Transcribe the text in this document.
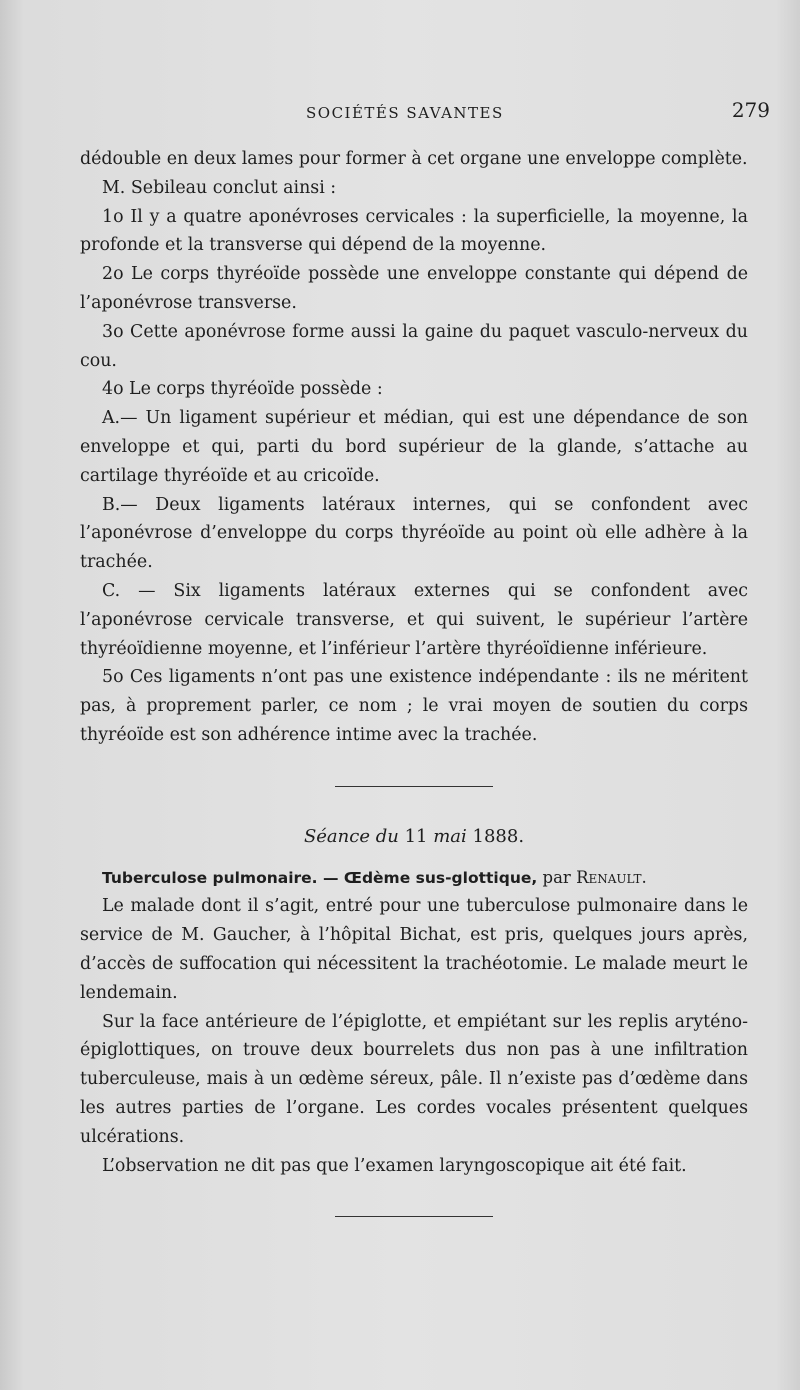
SOCIÉTÉS SAVANTES	279

dédouble en deux lames pour former à cet organe une enveloppe complète.

M. Sebileau conclut ainsi :

1o Il y a quatre aponévroses cervicales : la superficielle, la moyenne, la profonde et la transverse qui dépend de la moyenne.

2o Le corps thyréoïde possède une enveloppe constante qui dépend de l’aponévrose transverse.

3o Cette aponévrose forme aussi la gaine du paquet vasculo-nerveux du cou.

4o Le corps thyréoïde possède :

A.— Un ligament supérieur et médian, qui est une dépendance de son enveloppe et qui, parti du bord supérieur de la glande, s’attache au cartilage thyréoïde et au cricoïde.

B.— Deux ligaments latéraux internes, qui se confondent avec l’aponévrose d’enveloppe du corps thyréoïde au point où elle adhère à la trachée.

C. — Six ligaments latéraux externes qui se confondent avec l’aponévrose cervicale transverse, et qui suivent, le supérieur l’artère thyréoïdienne moyenne, et l’inférieur l’artère thyréoïdienne inférieure.

5o Ces ligaments n’ont pas une existence indépendante : ils ne méritent pas, à proprement parler, ce nom ; le vrai moyen de soutien du corps thyréoïde est son adhérence intime avec la trachée.

Séance du 11 mai 1888.

Tuberculose pulmonaire. — Œdème sus-glottique, par Renault.

Le malade dont il s’agit, entré pour une tuberculose pulmonaire dans le service de M. Gaucher, à l’hôpital Bichat, est pris, quelques jours après, d’accès de suffocation qui nécessitent la trachéotomie. Le malade meurt le lendemain.

Sur la face antérieure de l’épiglotte, et empiétant sur les replis aryténo-épiglottiques, on trouve deux bourrelets dus non pas à une infiltration tuberculeuse, mais à un œdème séreux, pâle. Il n’existe pas d’œdème dans les autres parties de l’organe. Les cordes vocales présentent quelques ulcérations.

L’observation ne dit pas que l’examen laryngoscopique ait été fait.
